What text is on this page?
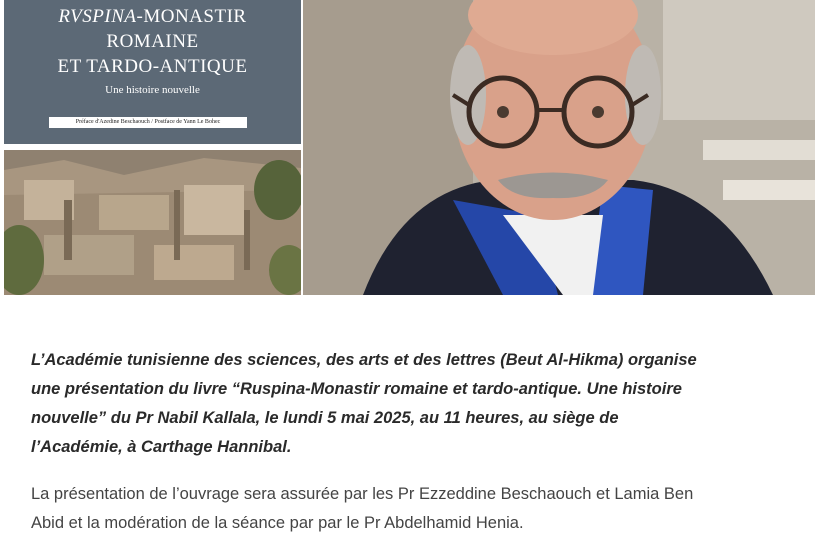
RVSPINA-MONASTIR
ROMAINE
ET TARDO-ANTIQUE
Une histoire nouvelle
Préface d'Azedine Beschaouch / Postface de Yann Le Bohec

L’Académie tunisienne des sciences, des arts et des lettres (Beut Al-Hikma) organise une présentation du livre “Ruspina-Monastir romaine et tardo-antique. Une histoire nouvelle” du Pr Nabil Kallala, le lundi 5 mai 2025, au 11 heures, au siège de l’Académie, à Carthage Hannibal.

La présentation de l’ouvrage sera assurée par les Pr Ezzeddine Beschaouch et Lamia Ben Abid et la modération de la séance par par le Pr Abdelhamid Henia.
